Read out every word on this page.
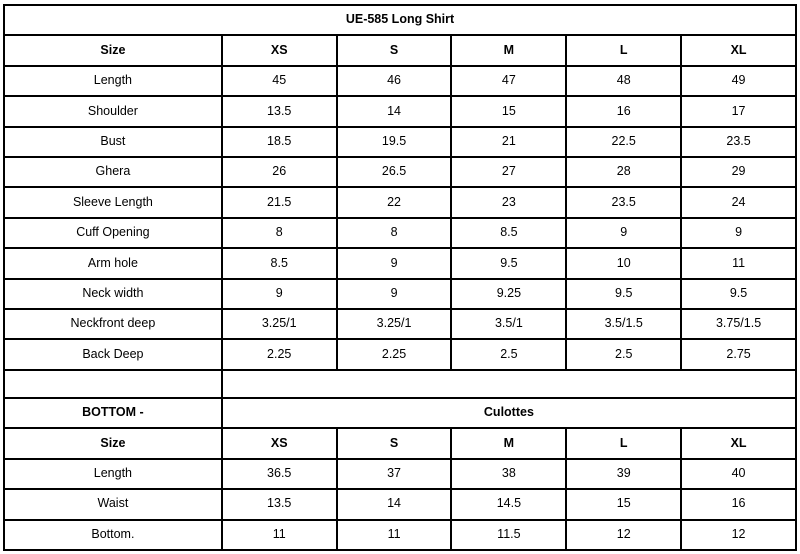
UE-585 Long Shirt					
Size	XS	S	M	L	XL
Length	45	46	47	48	49
Shoulder	13.5	14	15	16	17
Bust	18.5	19.5	21	22.5	23.5
Ghera	26	26.5	27	28	29
Sleeve Length	21.5	22	23	23.5	24
Cuff Opening	8	8	8.5	9	9
Arm hole	8.5	9	9.5	10	11
Neck width	9	9	9.25	9.5	9.5
Neckfront deep	3.25/1	3.25/1	3.5/1	3.5/1.5	3.75/1.5
Back Deep	2.25	2.25	2.5	2.5	2.75

BOTTOM -	Culottes				
Size	XS	S	M	L	XL
Length	36.5	37	38	39	40
Waist	13.5	14	14.5	15	16
Bottom.	11	11	11.5	12	12
